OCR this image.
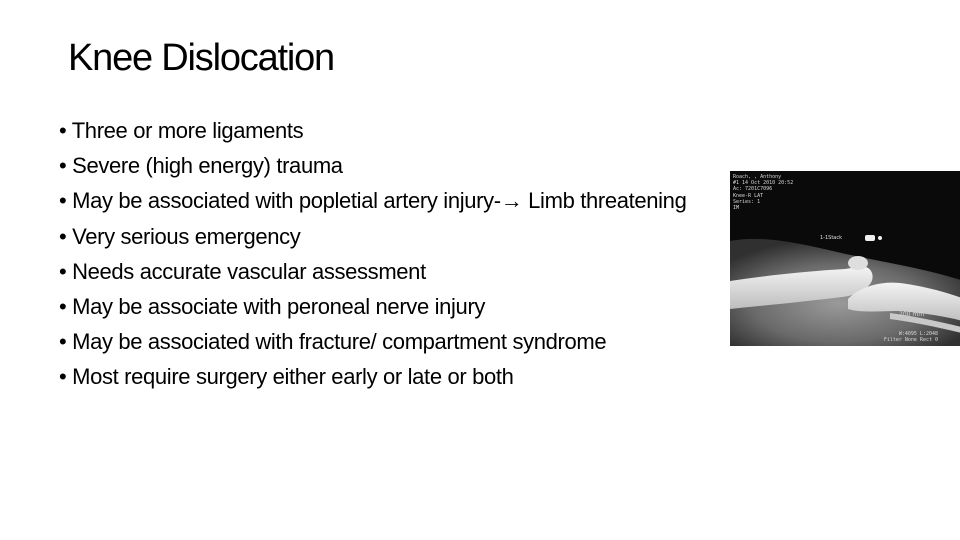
Knee Dislocation
• Three or more ligaments
• Severe (high energy) trauma
• May be associated with popletial artery injury-→ Limb threatening
• Very serious emergency
• Needs accurate vascular assessment
• May be associate with peroneal nerve injury
• May be associated with fracture/ compartment syndrome
• Most require surgery either early or late or both
Roach, , Anthony
#1 14 Oct 2010 20:52
Ac: 7201C7096
Knee-R LAT
Series: 1
IM
1-1Stack
200 mm
W:4095 L:2048
Filter None Rect 0
